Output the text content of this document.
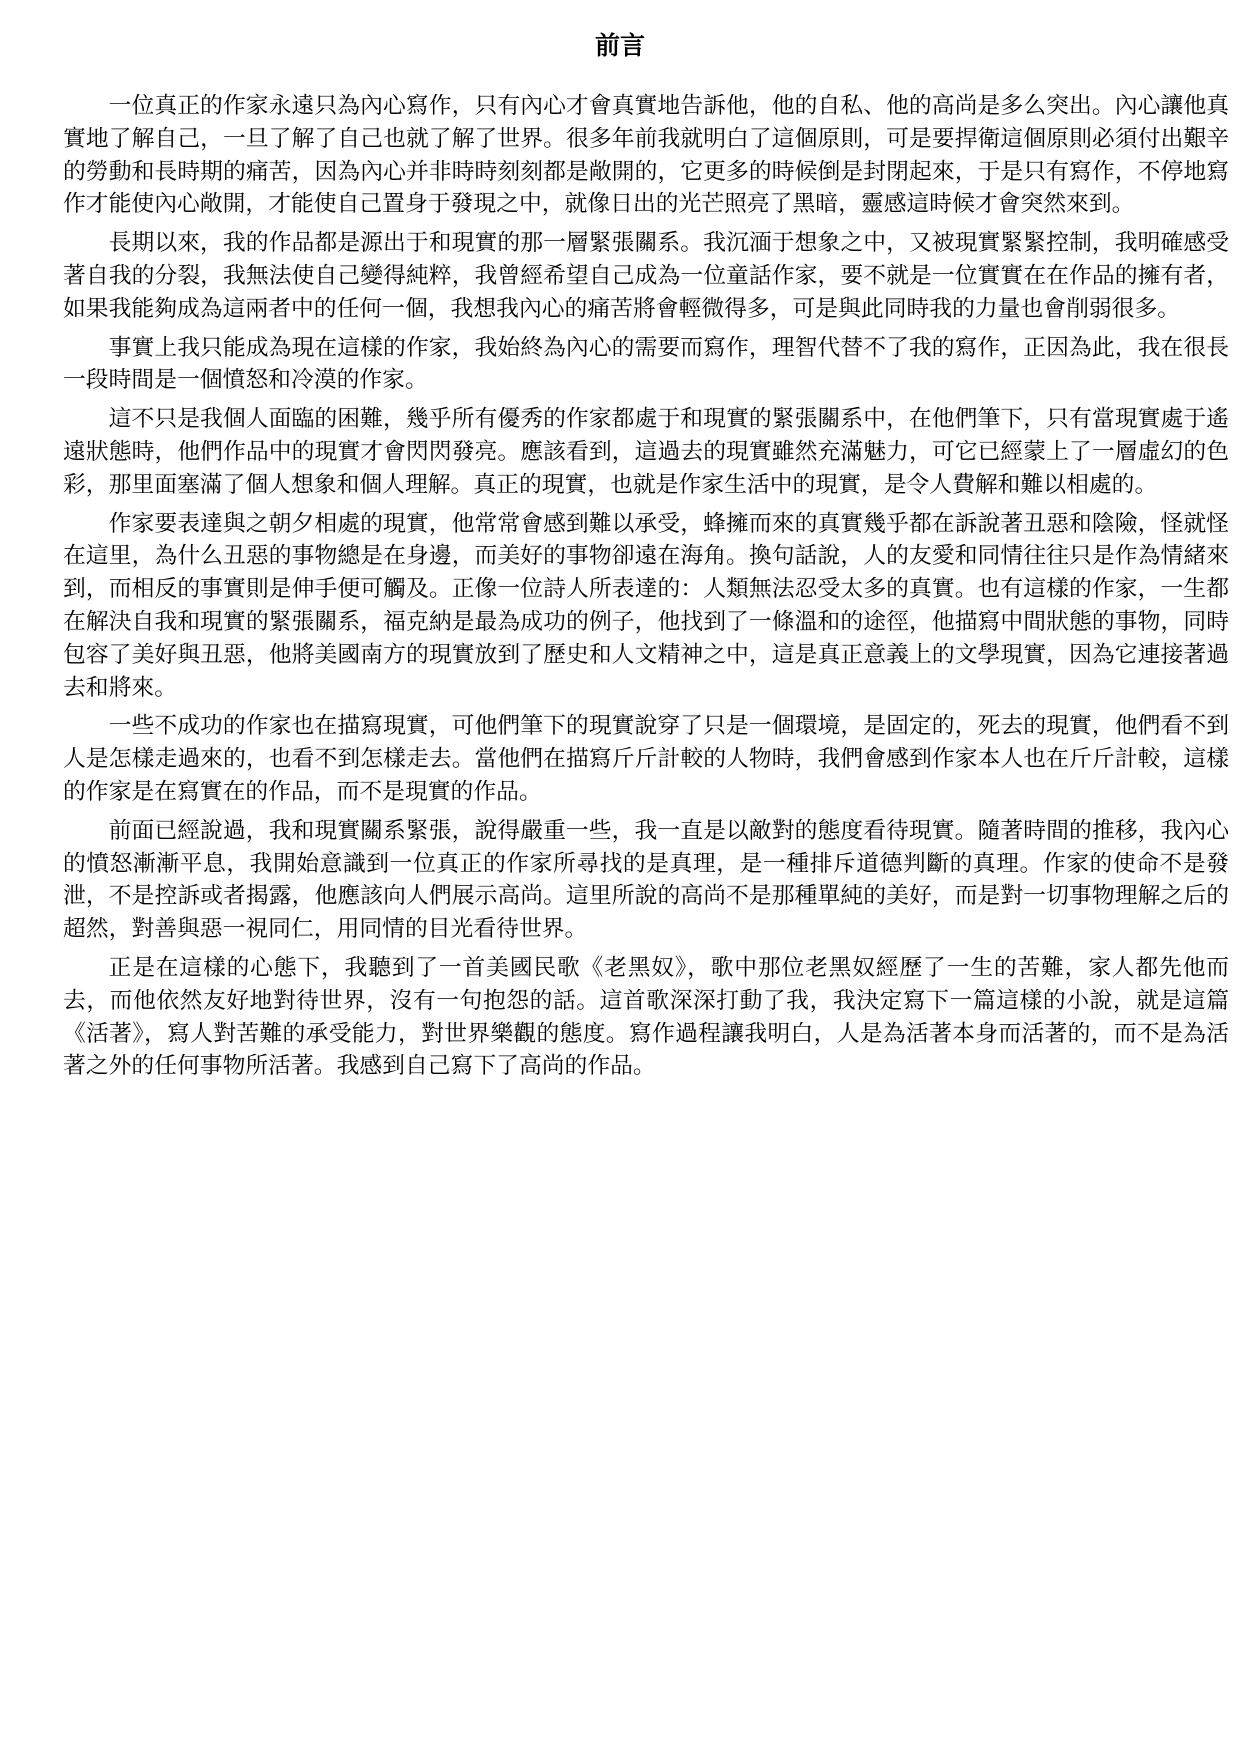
前言

一位真正的作家永遠只為內心寫作，只有內心才會真實地告訴他，他的自私、他的高尚是多么突出。內心讓他真實地了解自己，一旦了解了自己也就了解了世界。很多年前我就明白了這個原則，可是要捍衛這個原則必須付出艱辛的勞動和長時期的痛苦，因為內心并非時時刻刻都是敞開的，它更多的時候倒是封閉起來，于是只有寫作，不停地寫作才能使內心敞開，才能使自己置身于發現之中，就像日出的光芒照亮了黑暗，靈感這時候才會突然來到。

長期以來，我的作品都是源出于和現實的那一層緊張關系。我沉湎于想象之中，又被現實緊緊控制，我明確感受著自我的分裂，我無法使自己變得純粹，我曾經希望自己成為一位童話作家，要不就是一位實實在在作品的擁有者，如果我能夠成為這兩者中的任何一個，我想我內心的痛苦將會輕微得多，可是與此同時我的力量也會削弱很多。

事實上我只能成為現在這樣的作家，我始終為內心的需要而寫作，理智代替不了我的寫作，正因為此，我在很長一段時間是一個憤怒和冷漠的作家。

這不只是我個人面臨的困難，幾乎所有優秀的作家都處于和現實的緊張關系中，在他們筆下，只有當現實處于遙遠狀態時，他們作品中的現實才會閃閃發亮。應該看到，這過去的現實雖然充滿魅力，可它已經蒙上了一層虛幻的色彩，那里面塞滿了個人想象和個人理解。真正的現實，也就是作家生活中的現實，是令人費解和難以相處的。

作家要表達與之朝夕相處的現實，他常常會感到難以承受，蜂擁而來的真實幾乎都在訴說著丑惡和陰險，怪就怪在這里，為什么丑惡的事物總是在身邊，而美好的事物卻遠在海角。換句話說，人的友愛和同情往往只是作為情緒來到，而相反的事實則是伸手便可觸及。正像一位詩人所表達的：人類無法忍受太多的真實。也有這樣的作家，一生都在解決自我和現實的緊張關系，福克納是最為成功的例子，他找到了一條溫和的途徑，他描寫中間狀態的事物，同時包容了美好與丑惡，他將美國南方的現實放到了歷史和人文精神之中，這是真正意義上的文學現實，因為它連接著過去和將來。

一些不成功的作家也在描寫現實，可他們筆下的現實說穿了只是一個環境，是固定的，死去的現實，他們看不到人是怎樣走過來的，也看不到怎樣走去。當他們在描寫斤斤計較的人物時，我們會感到作家本人也在斤斤計較，這樣的作家是在寫實在的作品，而不是現實的作品。

前面已經說過，我和現實關系緊張，說得嚴重一些，我一直是以敵對的態度看待現實。隨著時間的推移，我內心的憤怒漸漸平息，我開始意識到一位真正的作家所尋找的是真理，是一種排斥道德判斷的真理。作家的使命不是發泄，不是控訴或者揭露，他應該向人們展示高尚。這里所說的高尚不是那種單純的美好，而是對一切事物理解之后的超然，對善與惡一視同仁，用同情的目光看待世界。

正是在這樣的心態下，我聽到了一首美國民歌《老黑奴》，歌中那位老黑奴經歷了一生的苦難，家人都先他而去，而他依然友好地對待世界，沒有一句抱怨的話。這首歌深深打動了我，我決定寫下一篇這樣的小說，就是這篇《活著》，寫人對苦難的承受能力，對世界樂觀的態度。寫作過程讓我明白，人是為活著本身而活著的，而不是為活著之外的任何事物所活著。我感到自己寫下了高尚的作品。
